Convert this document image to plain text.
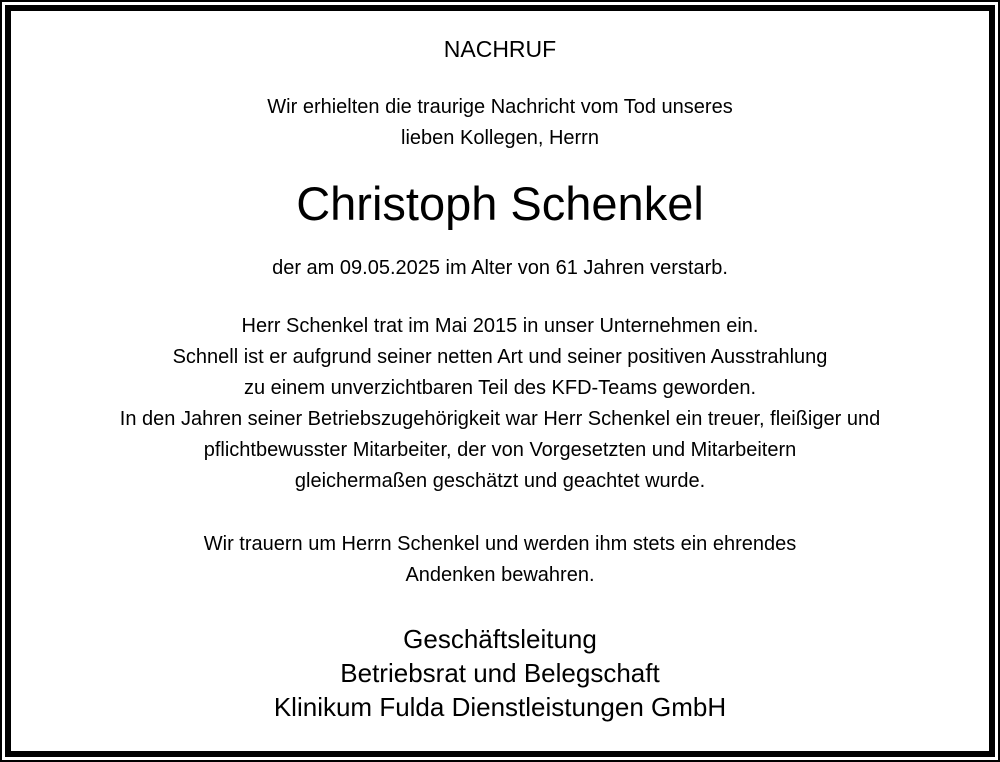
NACHRUF
Wir erhielten die traurige Nachricht vom Tod unseres
lieben Kollegen, Herrn
Christoph Schenkel
der am 09.05.2025 im Alter von 61 Jahren verstarb.
Herr Schenkel trat im Mai 2015 in unser Unternehmen ein.
Schnell ist er aufgrund seiner netten Art und seiner positiven Ausstrahlung
zu einem unverzichtbaren Teil des KFD-Teams geworden.
In den Jahren seiner Betriebszugehörigkeit war Herr Schenkel ein treuer, fleißiger und
pflichtbewusster Mitarbeiter, der von Vorgesetzten und Mitarbeitern
gleichermaßen geschätzt und geachtet wurde.
Wir trauern um Herrn Schenkel und werden ihm stets ein ehrendes
Andenken bewahren.
Geschäftsleitung
Betriebsrat und Belegschaft
Klinikum Fulda Dienstleistungen GmbH
